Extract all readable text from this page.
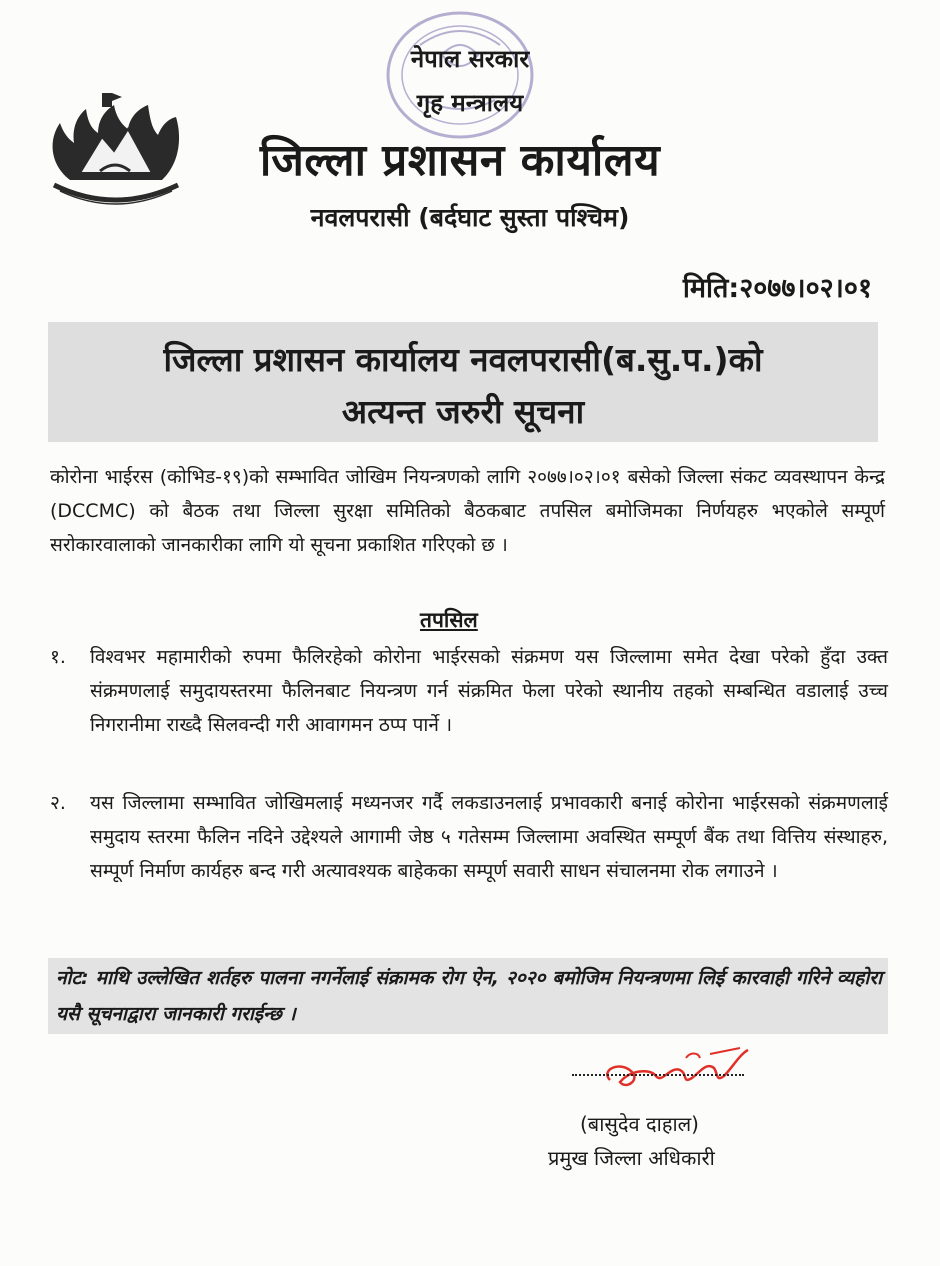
नेपाल सरकार
गृह मन्त्रालय
जिल्ला प्रशासन कार्यालय
नवलपरासी (बर्दघाट सुस्ता पश्चिम)
मिति:२०७७।०२।०१
जिल्ला प्रशासन कार्यालय नवलपरासी(ब.सु.प.)को
अत्यन्त जरुरी सूचना
कोरोना भाईरस (कोभिड-१९)को सम्भावित जोखिम नियन्त्रणको लागि २०७७।०२।०१ बसेको जिल्ला संकट व्यवस्थापन केन्द्र (DCCMC) को बैठक तथा जिल्ला सुरक्षा समितिको बैठकबाट तपसिल बमोजिमका निर्णयहरु भएकोले सम्पूर्ण सरोकारवालाको जानकारीका लागि यो सूचना प्रकाशित गरिएको छ ।
तपसिल
१.	विश्वभर महामारीको रुपमा फैलिरहेको कोरोना भाईरसको संक्रमण यस जिल्लामा समेत देखा परेको हुँदा उक्त संक्रमणलाई समुदायस्तरमा फैलिनबाट नियन्त्रण गर्न संक्रमित फेला परेको स्थानीय तहको सम्बन्धित वडालाई उच्च निगरानीमा राख्दै सिलवन्दी गरी आवागमन ठप्प पार्ने ।
२.	यस जिल्लामा सम्भावित जोखिमलाई मध्यनजर गर्दै लकडाउनलाई प्रभावकारी बनाई कोरोना भाईरसको संक्रमणलाई समुदाय स्तरमा फैलिन नदिने उद्देश्यले आगामी जेष्ठ ५ गतेसम्म जिल्लामा अवस्थित सम्पूर्ण बैंक तथा वित्तिय संस्थाहरु, सम्पूर्ण निर्माण कार्यहरु बन्द गरी अत्यावश्यक बाहेकका सम्पूर्ण सवारी साधन संचालनमा रोक लगाउने ।
नोट: माथि उल्लेखित शर्तहरु पालना नगर्नेलाई संक्रामक रोग ऐन, २०२० बमोजिम नियन्त्रणमा लिई कारवाही गरिने व्यहोरा यसै सूचनाद्वारा जानकारी गराईन्छ ।
(बासुदेव दाहाल)
प्रमुख जिल्ला अधिकारी
